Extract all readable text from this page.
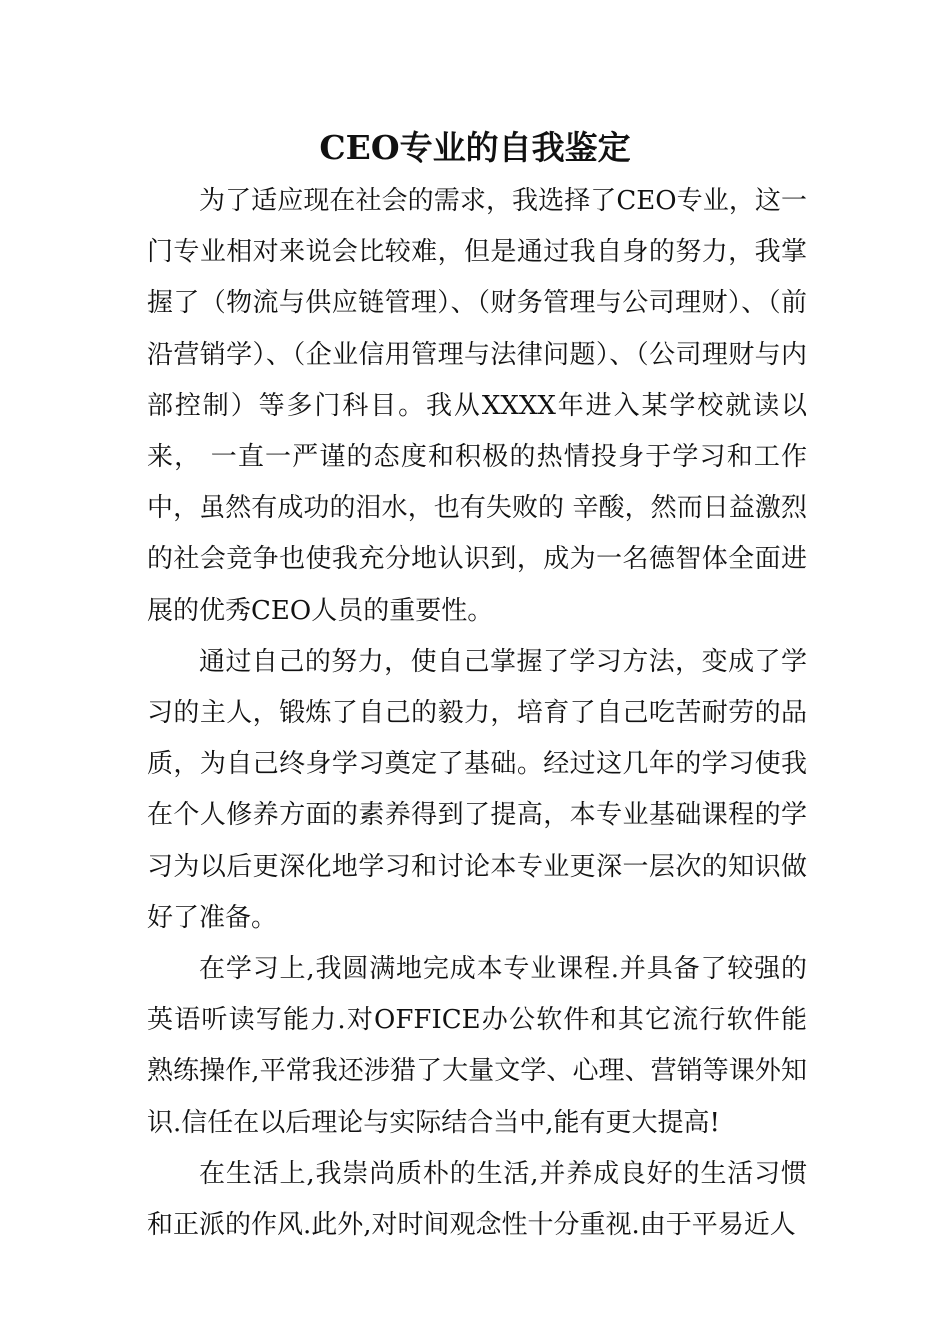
CEO专业的自我鉴定

为了适应现在社会的需求，我选择了CEO专业，这一门专业相对来说会比较难，但是通过我自身的努力，我掌握了（物流与供应链管理）、（财务管理与公司理财）、（前沿营销学）、（企业信用管理与法律问题）、（公司理财与内部控制）等多门科目。我从XXXX年进入某学校就读以来， 一直一严谨的态度和积极的热情投身于学习和工作中，虽然有成功的泪水，也有失败的 辛酸，然而日益激烈的社会竞争也使我充分地认识到，成为一名德智体全面进展的优秀CEO人员的重要性。

通过自己的努力，使自己掌握了学习方法，变成了学习的主人，锻炼了自己的毅力，培育了自己吃苦耐劳的品质，为自己终身学习奠定了基础。经过这几年的学习使我在个人修养方面的素养得到了提高，本专业基础课程的学习为以后更深化地学习和讨论本专业更深一层次的知识做好了准备。

在学习上,我圆满地完成本专业课程.并具备了较强的英语听读写能力.对OFFICE办公软件和其它流行软件能熟练操作,平常我还涉猎了大量文学、心理、营销等课外知识.信任在以后理论与实际结合当中,能有更大提高!

在生活上,我崇尚质朴的生活,并养成良好的生活习惯和正派的作风.此外,对时间观念性十分重视.由于平易近人
